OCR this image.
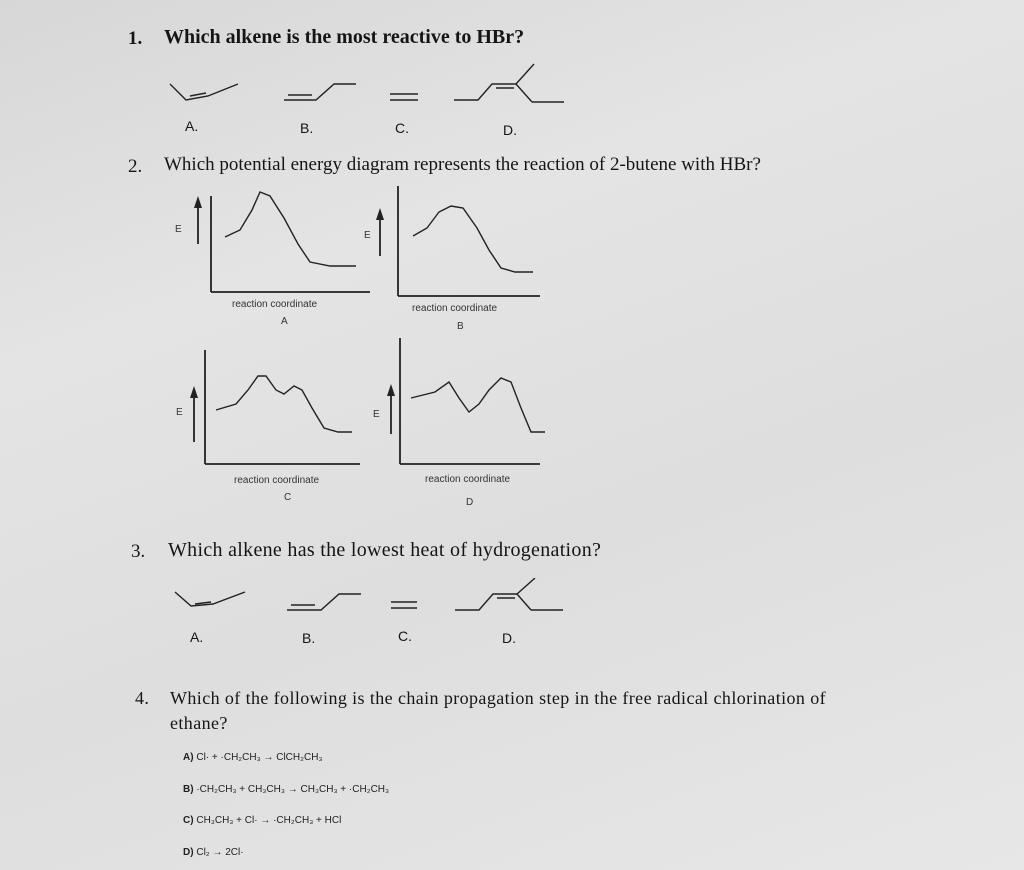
1. Which alkene is the most reactive to HBr?
A.	B.	C.	D.
2. Which potential energy diagram represents the reaction of 2-butene with HBr?
E
reaction coordinate
A
E
reaction coordinate
B
E
reaction coordinate
C
E
reaction coordinate
D
3. Which alkene has the lowest heat of hydrogenation?
A.	B.	C.	D.
4. Which of the following is the chain propagation step in the free radical chlorination of
ethane?
A) Cl· + ·CH₂CH₃ → ClCH₂CH₃
B) ·CH₂CH₃ + CH₃CH₃ → CH₃CH₃ + ·CH₂CH₃
C) CH₃CH₃ + Cl· → ·CH₂CH₃ + HCl
D) Cl₂ → 2Cl·
